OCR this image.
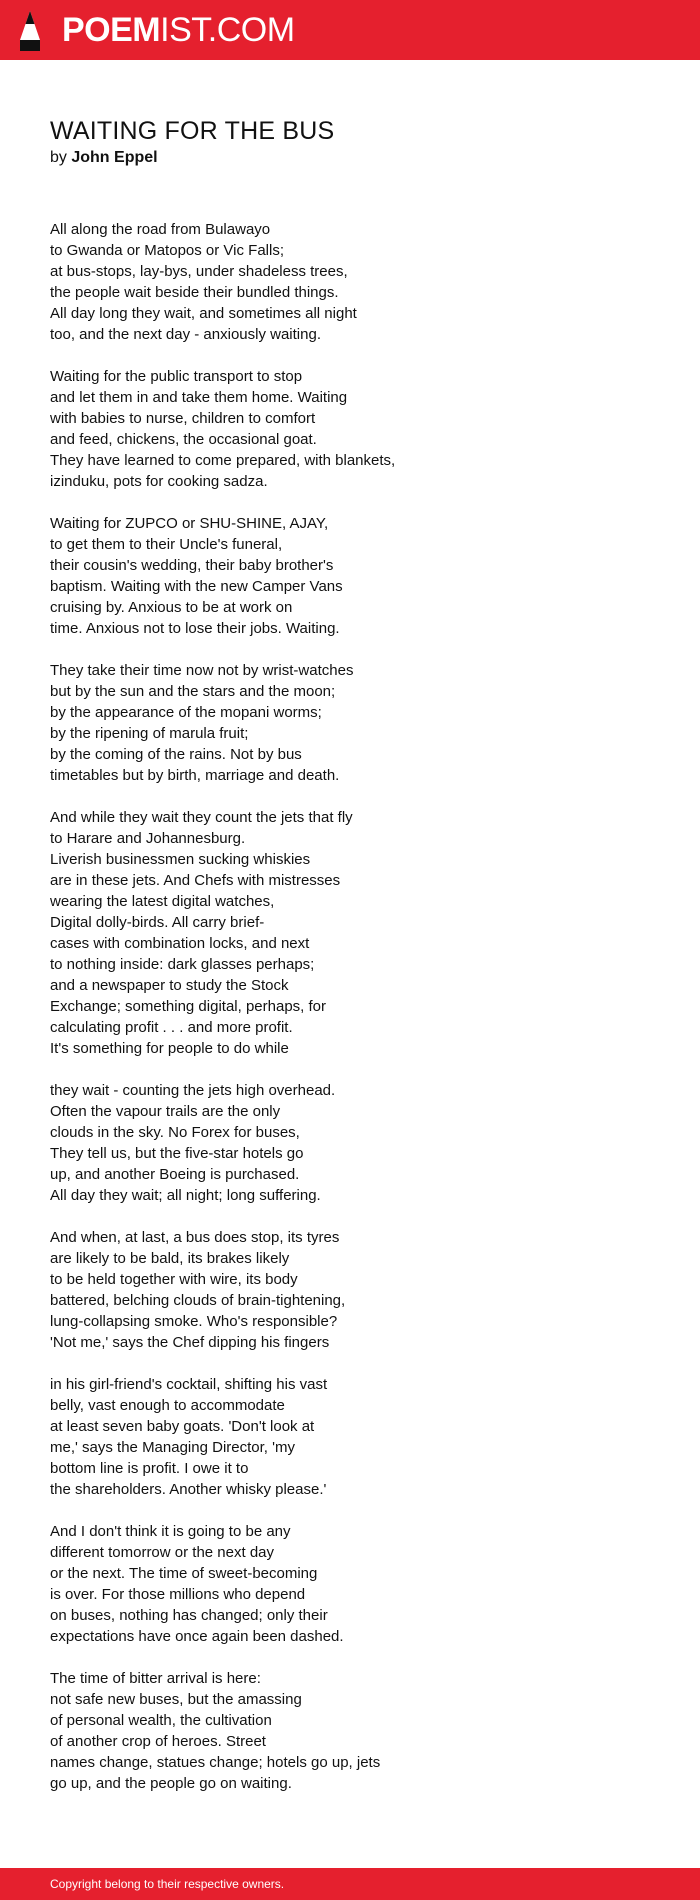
POEMIST.COM
WAITING FOR THE BUS
by John Eppel
All along the road from Bulawayo
to Gwanda or Matopos or Vic Falls;
at bus-stops, lay-bys, under shadeless trees,
the people wait beside their bundled things.
All day long they wait, and sometimes all night
too, and the next day - anxiously waiting.
Waiting for the public transport to stop
and let them in and take them home. Waiting
with babies to nurse, children to comfort
and feed, chickens, the occasional goat.
They have learned to come prepared, with blankets,
izinduku, pots for cooking sadza.
Waiting for ZUPCO or SHU-SHINE, AJAY,
to get them to their Uncle's funeral,
their cousin's wedding, their baby brother's
baptism. Waiting with the new Camper Vans
cruising by. Anxious to be at work on
time. Anxious not to lose their jobs. Waiting.
They take their time now not by wrist-watches
but by the sun and the stars and the moon;
by the appearance of the mopani worms;
by the ripening of marula fruit;
by the coming of the rains. Not by bus
timetables but by birth, marriage and death.
And while they wait they count the jets that fly
to Harare and Johannesburg.
Liverish businessmen sucking whiskies
are in these jets. And Chefs with mistresses
wearing the latest digital watches,
Digital dolly-birds. All carry brief-
cases with combination locks, and next
to nothing inside: dark glasses perhaps;
and a newspaper to study the Stock
Exchange; something digital, perhaps, for
calculating profit . . . and more profit.
It's something for people to do while
they wait - counting the jets high overhead.
Often the vapour trails are the only
clouds in the sky. No Forex for buses,
They tell us, but the five-star hotels go
up, and another Boeing is purchased.
All day they wait; all night; long suffering.
And when, at last, a bus does stop, its tyres
are likely to be bald, its brakes likely
to be held together with wire, its body
battered, belching clouds of brain-tightening,
lung-collapsing smoke. Who's responsible?
'Not me,' says the Chef dipping his fingers
in his girl-friend's cocktail, shifting his vast
belly, vast enough to accommodate
at least seven baby goats. 'Don't look at
me,' says the Managing Director, 'my
bottom line is profit. I owe it to
the shareholders. Another whisky please.'
And I don't think it is going to be any
different tomorrow or the next day
or the next. The time of sweet-becoming
is over. For those millions who depend
on buses, nothing has changed; only their
expectations have once again been dashed.
The time of bitter arrival is here:
not safe new buses, but the amassing
of personal wealth, the cultivation
of another crop of heroes. Street
names change, statues change; hotels go up, jets
go up, and the people go on waiting.
Copyright belong to their respective owners.
